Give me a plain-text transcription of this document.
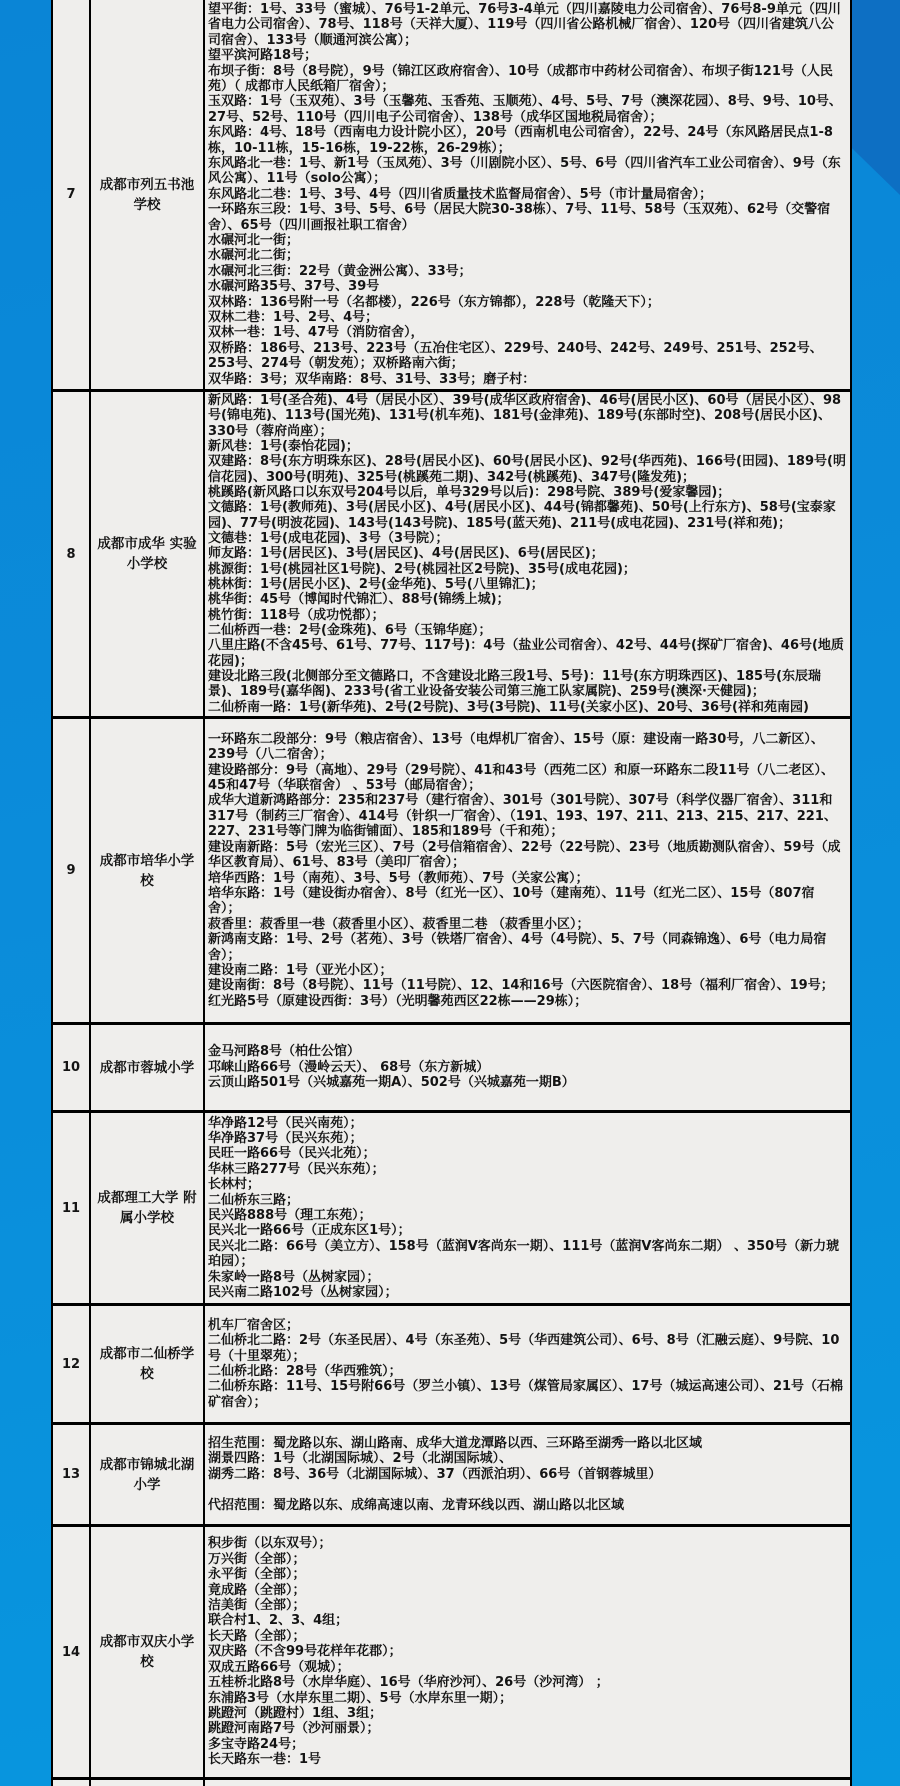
7
成都市列五书池学校

望平街：1号、33号（蜜城）、76号1-2单元、76号3-4单元（四川嘉陵电力公司宿舍）、76号8-9单元（四川省电力公司宿舍）、78号、118号（天祥大厦）、119号（四川省公路机械厂宿舍）、120号（四川省建筑八公司宿舍）、133号（顺通河滨公寓）；

望平滨河路18号；

布坝子街：8号（8号院），9号（锦江区政府宿舍）、10号（成都市中药材公司宿舍）、布坝子街121号（人民苑）（ 成都市人民纸箱厂宿舍）；

玉双路：1号（玉双苑）、3号（玉馨苑、玉香苑、玉顺苑）、4号、5号、7号（澳深花园）、8号、9号、10号、27号、52号、110号（四川电子公司宿舍）、138号（成华区国地税局宿舍）；

东风路：4号、18号（西南电力设计院小区），20号（西南机电公司宿舍），22号、24号（东风路居民点1-8栋，10-11栋，15-16栋，19-22栋，26-29栋）；

东风路北一巷：1号、新1号（玉凤苑）、3号（川剧院小区）、5号、6号（四川省汽车工业公司宿舍）、9号（东风公寓）、11号（solo公寓）；

东风路北二巷：1号、3号、4号（四川省质量技术监督局宿舍）、5号（市计量局宿舍）；

一环路东三段：1号、3号、5号、6号（居民大院30-38栋）、7号、11号、58号（玉双苑）、62号（交警宿舍）、65号（四川画报社职工宿舍）

水碾河北一街；

水碾河北二街；

水碾河北三街：22号（黄金洲公寓）、33号；

水碾河路35号、37号、39号

双林路：136号附一号（名都楼），226号（东方锦都），228号（乾隆天下）；

双林二巷：1号、2号、4号；

双林一巷：1号、47号（消防宿舍），

双桥路：186号、213号、223号（五冶住宅区）、229号、240号、242号、249号、251号、252号、253号、274号（朝发苑）；双桥路南六街；

双华路：3号；双华南路：8号、31号、33号；磨子村：

8
成都市成华 实验小学校

新风路：1号(圣合苑)、4号（居民小区）、39号(成华区政府宿舍)、46号(居民小区)、60号（居民小区）、98号(锦电苑)、113号(国光苑)、131号(机车苑)、181号(金津苑)、189号(东部时空)、208号(居民小区)、330号（蓉府尚座）；

新风巷：1号(泰怡花园)；

双建路：8号(东方明珠东区)、28号(居民小区)、60号(居民小区)、92号(华西苑)、166号(田园)、189号(明信花园)、300号(明苑)、325号(桃蹊苑二期)、342号(桃蹊苑)、347号(隆发苑)；

桃蹊路(新风路口以东双号204号以后，单号329号以后)：298号院、389号(爱家馨园)；

文德路：1号(教师苑)、3号(居民小区)、4号(居民小区)、44号(锦都馨苑)、50号(上行东方)、58号(宝泰家园)、77号(明波花园)、143号(143号院)、185号(蓝天苑)、211号(成电花园)、231号(祥和苑)；

文德巷：1号(成电花园)、3号（3号院）；

师友路：1号(居民区)、3号(居民区)、4号(居民区)、6号(居民区)；

桃源街：1号(桃园社区1号院)、2号(桃园社区2号院)、35号(成电花园)；

桃林街：1号(居民小区)、2号(金华苑)、5号(八里锦汇)；

桃华街：45号（博闻时代锦汇）、88号(锦绣上城)；

桃竹街：118号（成功悦都）；

二仙桥西一巷：2号(金珠苑)、6号（玉锦华庭）；

八里庄路(不含45号、61号、77号、117号)：4号（盐业公司宿舍）、42号、44号(探矿厂宿舍)、46号(地质花园)；

建设北路三段(北侧部分至文德路口，不含建设北路三段1号、5号)：11号(东方明珠西区)、185号(东辰瑞景)、189号(嘉华阁)、233号(省工业设备安装公司第三施工队家属院)、259号(澳深·天健园)；

二仙桥南一路：1号(新华苑)、2号(2号院)、3号(3号院)、11号(关家小区)、20号、36号(祥和苑南园)

9
成都市培华小学校

一环路东二段部分：9号（粮店宿舍）、13号（电焊机厂宿舍）、15号（原：建设南一路30号，八二新区）、239号（八二宿舍）；

建设路部分：9号（高地）、29号（29号院）、41和43号（西苑二区）和原一环路东二段11号（八二老区）、45和47号（华联宿舍） 、53号（邮局宿舍）；

成华大道新鸿路部分：235和237号（建行宿舍）、301号（301号院）、307号（科学仪器厂宿舍）、311和317号（制药三厂宿舍）、414号（针织一厂宿舍）、（191、193、197、211、213、215、217、221、227、231号等门牌为临街铺面）、185和189号（千和苑）；

建设南新路：5号（宏光三区）、7号（2号信箱宿舍）、22号（22号院）、23号（地质勘测队宿舍）、59号（成华区教育局）、61号、83号（美印厂宿舍）；

培华西路：1号（南苑）、3号、5号（教师苑）、7号（关家公寓）；

培华东路：1号（建设街办宿舍）、8号（红光一区）、10号（建南苑）、11号（红光二区）、15号（807宿舍）；

菽香里：菽香里一巷（菽香里小区）、菽香里二巷 （菽香里小区）；

新鸿南支路：1号、2号（茗苑）、3号（铁塔厂宿舍）、4号（4号院）、5、7号（同森锦逸）、6号（电力局宿舍）；

建设南二路：1号（亚光小区）；

建设南街：8号（8号院）、11号（11号院）、12、14和16号（六医院宿舍）、18号（福利厂宿舍）、19号；

红光路5号（原建设西街：3号）（光明馨苑西区22栋——29栋）；

10	成都市蓉城小学

金马河路8号（柏仕公馆）

邛崃山路66号（漫岭云天）、 68号（东方新城）

云顶山路501号（兴城嘉苑一期A）、502号（兴城嘉苑一期B）

11
成都理工大学 附属小学校

华净路12号（民兴南苑）；

华净路37号（民兴东苑）；

民旺一路66号（民兴北苑）；

华林三路277号（民兴东苑）；

长林村；

二仙桥东三路；

民兴路888号（理工东苑）；

民兴北一路66号（正成东区1号）；

民兴北二路：66号（美立方）、158号（蓝润V客尚东一期）、111号（蓝润V客尚东二期） 、350号（新力琥珀园）；

朱家岭一路8号（丛树家园）；

民兴南二路102号（丛树家园）；

12
成都市二仙桥学校

机车厂宿舍区；

二仙桥北二路：2号（东圣民居）、4号（东圣苑）、5号（华西建筑公司）、6号、8号（汇融云庭）、9号院、10号（十里翠苑）；

二仙桥北路：28号（华西雅筑）；

二仙桥东路：11号、15号附66号（罗兰小镇）、13号（煤管局家属区）、17号（城运高速公司）、21号（石棉矿宿舍）；

13
成都市锦城北湖小学

招生范围：蜀龙路以东、湖山路南、成华大道龙潭路以西、三环路至湖秀一路以北区域

湖景四路：1号（北湖国际城）、2号（北湖国际城）、

湖秀二路：8号、36号（北湖国际城）、37（西派泊玥）、66号（首钢蓉城里）

代招范围：蜀龙路以东、成绵高速以南、龙青环线以西、湖山路以北区域

14
成都市双庆小学校

积步街（以东双号）；

万兴街（全部）；

永平街（全部）；

竟成路（全部）；

洁美街（全部）；

联合村1、2、3、4组；

长天路（全部）；

双庆路（不含99号花样年花郡）；

双成五路66号（观城）；

五桂桥北路8号（水岸华庭）、16号（华府沙河）、26号（沙河湾） ；

东浦路3号（水岸东里二期）、5号（水岸东里一期）；

跳蹬河（跳蹬村）1组、3组；

跳蹬河南路7号（沙河丽景）；

多宝寺路24号；

长天路东一巷：1号
